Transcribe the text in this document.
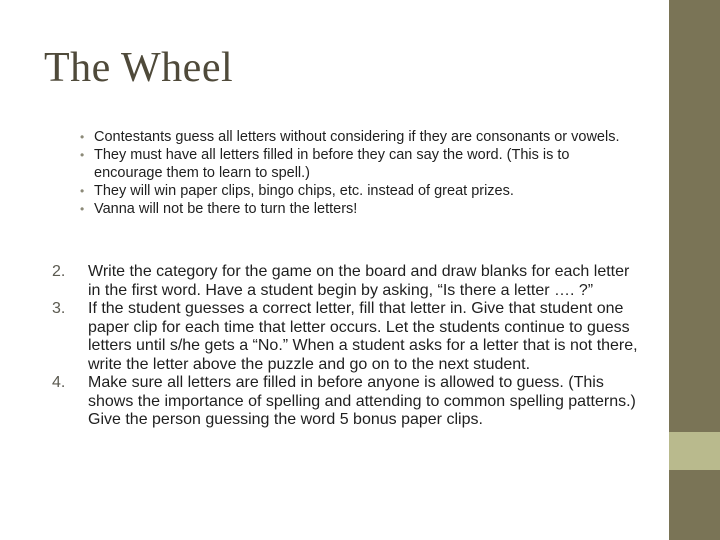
The Wheel
• Contestants guess all letters without considering if they are consonants or vowels.
• They must have all letters filled in before they can say the word. (This is to encourage them to learn to spell.)
• They will win paper clips, bingo chips, etc. instead of great prizes.
• Vanna will not be there to turn the letters!
2. Write the category for the game on the board and draw blanks for each letter in the first word. Have a student begin by asking, “Is there a letter …. ?”
3. If the student guesses a correct letter, fill that letter in. Give that student one paper clip for each time that letter occurs. Let the students continue to guess letters until s/he gets a “No.” When a student asks for a letter that is not there, write the letter above the puzzle and go on to the next student.
4. Make sure all letters are filled in before anyone is allowed to guess. (This shows the importance of spelling and attending to common spelling patterns.) Give the person guessing the word 5 bonus paper clips.
